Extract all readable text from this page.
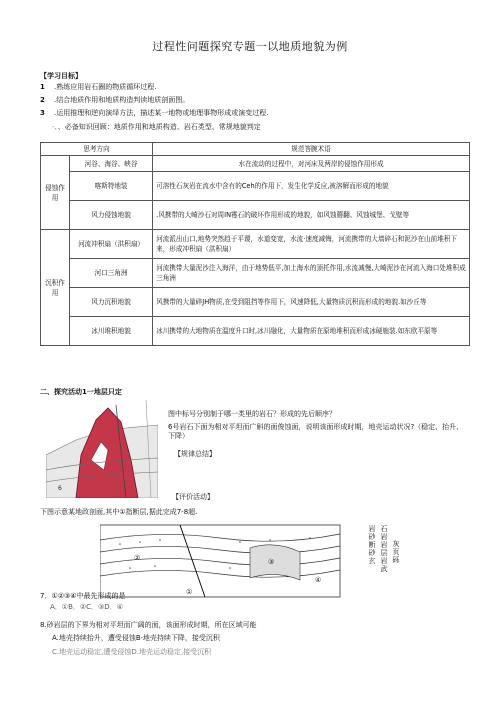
过程性问题探究专题一以地质地貌为例
【学习目标】
1 .熟练应用岩石圈的物质循环过程.
2 .结合地质作用和地质构造判读地质剖面图。
3 .运用推理和逆向演绎方法，描述某一地物或地理事物形成或演变过程.
·、、必备知识回顾：地质作用和地质构造、岩石类型、常规地貌判定
思考方向		规范答腕术语
侵蚀作用	河谷、海谷、峡谷	水在流动的过程中，对河床及两岸的侵蚀作用形成
	喀斯特地装	可溶性石灰岩在流水中含有的Ceh的作用下，发生化学反应,被溶解而形成的地貌
	风力侵蚀地貌	.风携带的大崎沙石对周IN霉石的破坏作用形成的地貌，如风蚀蘑翻、风蚀城堡、戈壁等
沉积作用	河流冲积扇（洪积扇）	河流派出山口,地势突然趋于平谡，水道变宽，水流·速度减悔，河流携带的大墙碎石和泥沙在山前堆积下来，形成冲积扇（洪积扇）
	河口三角洲	河流携带大量泥沙注入海洋，由于地势低平,加上海水的顶托作用,水流减慢,大崎泥沙在河流入海口处堆积成三角洲
	风力沉积地貌	风携带的大量碎JH物质,在受到阻挡等作用下，风速降低,大量物质沉积而形成的地貌.如沙丘等
	冰川堆积地貌	冰川携带的大地物质在温度升口时,冰川融化，大量物质在原地堆积而形成冰硬施装.如东欧平原等
二、探究活动1一地层只定
6
图中标号分别制于哪一类里的岩石？形成的先后顺序？
6号岩石下面为相对平坦而广斛的面俊蚀面，说明该面形成时期，地壳运动状况?（稳定、抬升、下降）
【规律总结】
【评价活动】
下图示意某地政剖面,其中①指断层,据此完成7-8超.
①
②	③
④
岩砂断砂玄
石岩岩层岩武
灰页砾
7．①②③④中最先形成的是
A．①B．②C．③D．④
8.砂岩层的下界为相对平坦而广阔的面，该面形成时期，所在区域可能
A.地壳持续抬升，遭受侵蚀B·地壳持续下降，接受沉积
C.地壳运动稳定,遭受侵蚀D.地壳运动稳定,接受沉积
